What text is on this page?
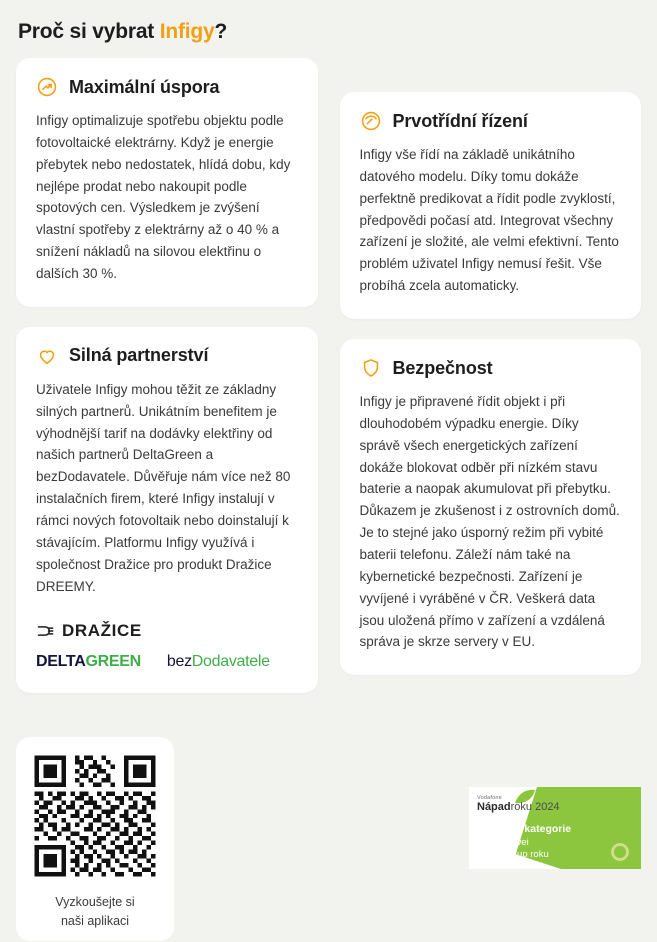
Proč si vybrat Infigy?
Maximální úspora
Infigy optimalizuje spotřebu objektu podle fotovoltaické elektrárny. Když je energie přebytek nebo nedostatek, hlídá dobu, kdy nejlépe prodat nebo nakoupit podle spotových cen. Výsledkem je zvýšení vlastní spotřeby z elektrárny až o 40 % a snížení nákladů na silovou elektřinu o dalších 30 %.
Silná partnerství
Uživatele Infigy mohou těžit ze základny silných partnerů. Unikátním benefitem je výhodnější tarif na dodávky elektřiny od našich partnerů DeltaGreen a bezDodavatele. Důvěřuje nám více než 80 instalačních firem, které Infigy instalují v rámci nových fotovoltaik nebo doinstalují k stávajícím. Platformu Infigy využívá i společnost Dražice pro produkt Dražice DREEMY.
DRAŽICE
DELTAGREEN bezDodavatele
Vyzkoušejte si
naši aplikaci
Prvotřídní řízení
Infigy vše řídí na základě unikátního datového modelu. Díky tomu dokáže perfektně predikovat a řídit podle zvyklostí, předpovědi počasí atd. Integrovat všechny zařízení je složité, ale velmi efektivní. Tento problém uživatel Infigy nemusí řešit. Vše probíhá zcela automaticky.
Bezpečnost
Infigy je připravené řídit objekt i při dlouhodobém výpadku energie. Díky správě všech energetických zařízení dokáže blokovat odběr při nízkém stavu baterie a naopak akumulovat při přebytku. Důkazem je zkušenost i z ostrovních domů. Je to stejné jako úsporný režim při vybité baterii telefonu. Záleží nám také na kybernetické bezpečnosti. Zařízení je vyvíjené i vyráběné v ČR. Veškerá data jsou uložená přímo v zařízení a vzdálená správa je skrze servery v EU.
Vodafone
Nápadroku 2024
Vítěz kategorie
Huawei
Startup roku
